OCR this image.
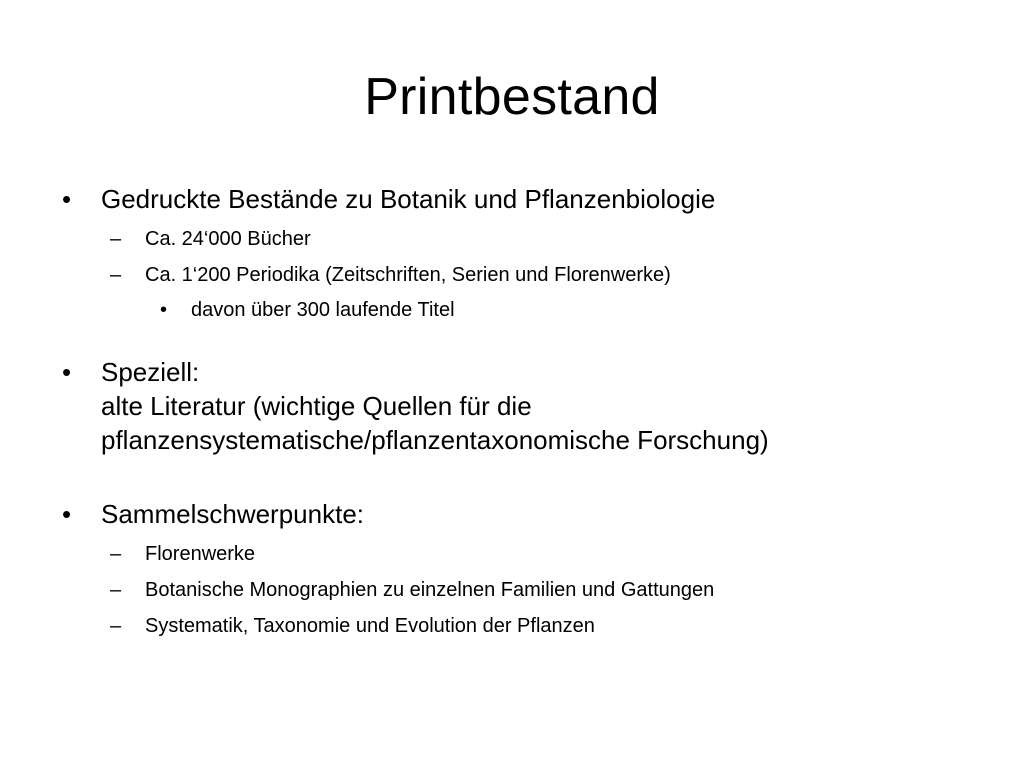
Printbestand
• Gedruckte Bestände zu Botanik und Pflanzenbiologie
– Ca. 24‘000 Bücher
– Ca. 1‘200 Periodika (Zeitschriften, Serien und Florenwerke)
• davon über 300 laufende Titel
• Speziell:
alte Literatur (wichtige Quellen für die
pflanzensystematische/pflanzentaxonomische Forschung)
• Sammelschwerpunkte:
– Florenwerke
– Botanische Monographien zu einzelnen Familien und Gattungen
– Systematik, Taxonomie und Evolution der Pflanzen
